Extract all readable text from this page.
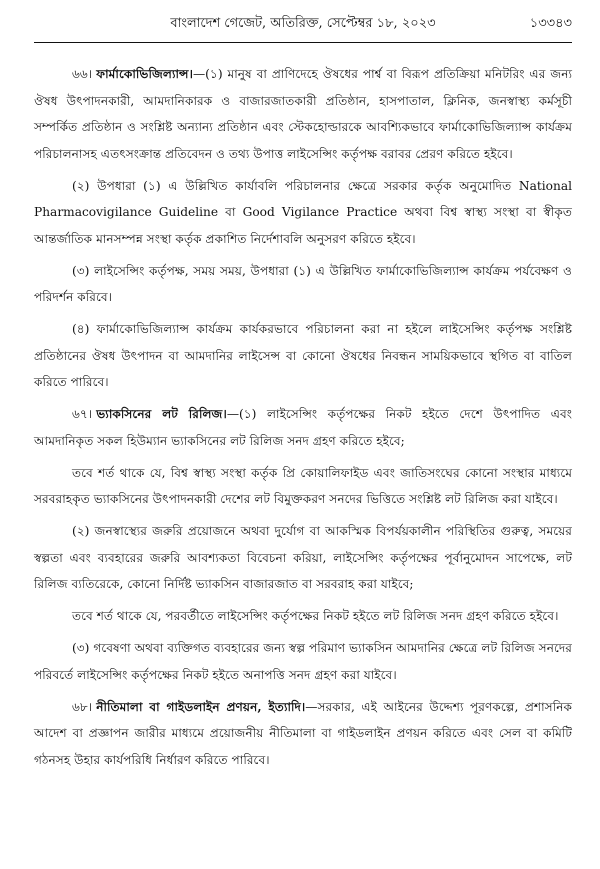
বাংলাদেশ গেজেট, অতিরিক্ত, সেপ্টেম্বর ১৮, ২০২৩	১৩৩৪৩

৬৬। ফার্মাকোভিজিল্যান্স।—(১) মানুষ বা প্রাণিদেহে ঔষধের পার্শ্ব বা বিরূপ প্রতিক্রিয়া মনিটরিং এর জন্য ঔষধ উৎপাদনকারী, আমদানিকারক ও বাজারজাতকারী প্রতিষ্ঠান, হাসপাতাল, ক্লিনিক, জনস্বাস্থ্য কর্মসূচী সম্পর্কিত প্রতিষ্ঠান ও সংশ্লিষ্ট অন্যান্য প্রতিষ্ঠান এবং স্টেকহোল্ডারকে আবশ্যিকভাবে ফার্মাকোভিজিল্যান্স কার্যক্রম পরিচালনাসহ এতৎসংক্রান্ত প্রতিবেদন ও তথ্য উপাত্ত লাইসেন্সিং কর্তৃপক্ষ বরাবর প্রেরণ করিতে হইবে।

(২) উপধারা (১) এ উল্লিখিত কার্যাবলি পরিচালনার ক্ষেত্রে সরকার কর্তৃক অনুমোদিত National Pharmacovigilance Guideline বা Good Vigilance Practice অথবা বিশ্ব স্বাস্থ্য সংস্থা বা স্বীকৃত আন্তর্জাতিক মানসম্পন্ন সংস্থা কর্তৃক প্রকাশিত নির্দেশাবলি অনুসরণ করিতে হইবে।

(৩) লাইসেন্সিং কর্তৃপক্ষ, সময় সময়, উপধারা (১) এ উল্লিখিত ফার্মাকোভিজিল্যান্স কার্যক্রম পর্যবেক্ষণ ও পরিদর্শন করিবে।

(৪) ফার্মাকোভিজিল্যান্স কার্যক্রম কার্যকরভাবে পরিচালনা করা না হইলে লাইসেন্সিং কর্তৃপক্ষ সংশ্লিষ্ট প্রতিষ্ঠানের ঔষধ উৎপাদন বা আমদানির লাইসেন্স বা কোনো ঔষধের নিবন্ধন সাময়িকভাবে স্থগিত বা বাতিল করিতে পারিবে।

৬৭। ভ্যাকসিনের লট রিলিজ।—(১) লাইসেন্সিং কর্তৃপক্ষের নিকট হইতে দেশে উৎপাদিত এবং আমদানিকৃত সকল হিউম্যান ভ্যাকসিনের লট রিলিজ সনদ গ্রহণ করিতে হইবে;

তবে শর্ত থাকে যে, বিশ্ব স্বাস্থ্য সংস্থা কর্তৃক প্রি কোয়ালিফাইড এবং জাতিসংঘের কোনো সংস্থার মাধ্যমে সরবরাহকৃত ভ্যাকসিনের উৎপাদনকারী দেশের লট বিমুক্তকরণ সনদের ভিত্তিতে সংশ্লিষ্ট লট রিলিজ করা যাইবে।

(২) জনস্বাস্থ্যের জরুরি প্রয়োজনে অথবা দুর্যোগ বা আকস্মিক বিপর্যয়কালীন পরিস্থিতির গুরুত্ব, সময়ের স্বল্পতা এবং ব্যবহারের জরুরি আবশ্যকতা বিবেচনা করিয়া, লাইসেন্সিং কর্তৃপক্ষের পূর্বানুমোদন সাপেক্ষে, লট রিলিজ ব্যতিরেকে, কোনো নির্দিষ্ট ভ্যাকসিন বাজারজাত বা সরবরাহ করা যাইবে;

তবে শর্ত থাকে যে, পরবর্তীতে লাইসেন্সিং কর্তৃপক্ষের নিকট হইতে লট রিলিজ সনদ গ্রহণ করিতে হইবে।

(৩) গবেষণা অথবা ব্যক্তিগত ব্যবহারের জন্য স্বল্প পরিমাণ ভ্যাকসিন আমদানির ক্ষেত্রে লট রিলিজ সনদের পরিবর্তে লাইসেন্সিং কর্তৃপক্ষের নিকট হইতে অনাপত্তি সনদ গ্রহণ করা যাইবে।

৬৮। নীতিমালা বা গাইডলাইন প্রণয়ন, ইত্যাদি।—সরকার, এই আইনের উদ্দেশ্য পূরণকল্পে, প্রশাসনিক আদেশ বা প্রজ্ঞাপন জারীর মাধ্যমে প্রয়োজনীয় নীতিমালা বা গাইডলাইন প্রণয়ন করিতে এবং সেল বা কমিটি গঠনসহ উহার কার্যপরিধি নির্ধারণ করিতে পারিবে।
